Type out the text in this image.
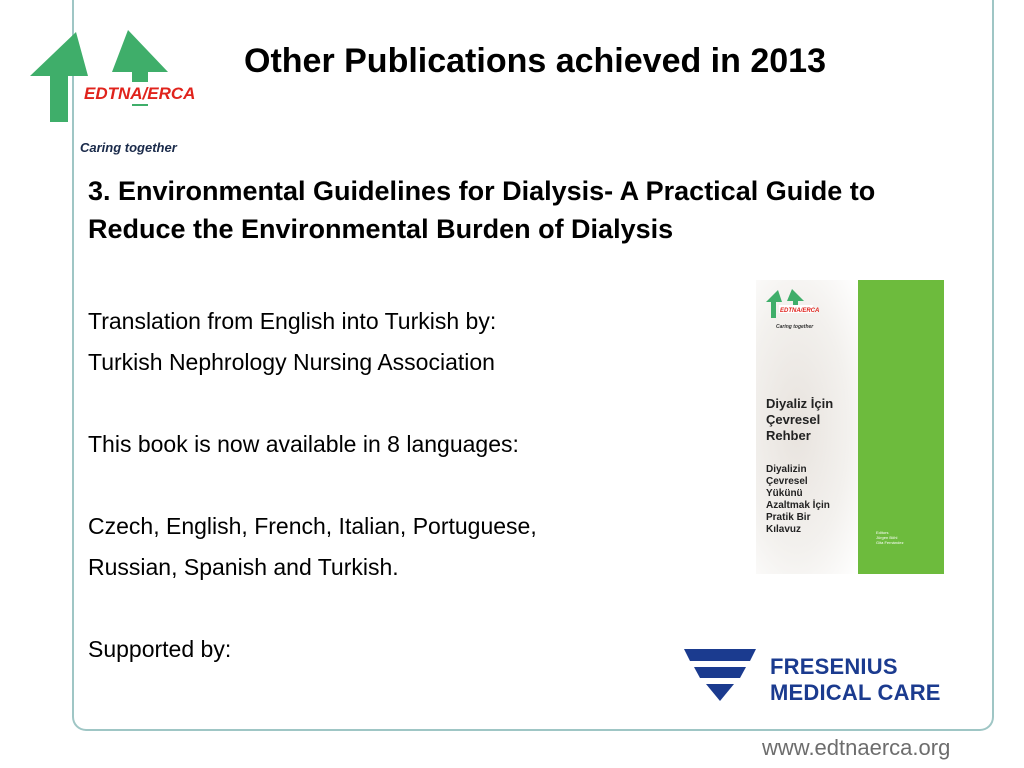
EDTNA/ERCA
Caring together
Other Publications achieved in 2013
3. Environmental Guidelines for Dialysis- A Practical Guide to Reduce the Environmental Burden of Dialysis
Translation from English into Turkish by:
Turkish Nephrology Nursing Association
This book is now available in 8 languages:
Czech, English, French, Italian, Portuguese,
Russian, Spanish and Turkish.
Supported by:
EDTNA/ERCA
Caring together
Diyaliz İçin
Çevresel
Rehber
Diyalizin
Çevresel
Yükünü
Azaltmak İçin
Pratik Bir
Kılavuz	Editors
Jürgen Böhl
Gita Fernández
FRESENIUS
MEDICAL CARE
www.edtnaerca.org
